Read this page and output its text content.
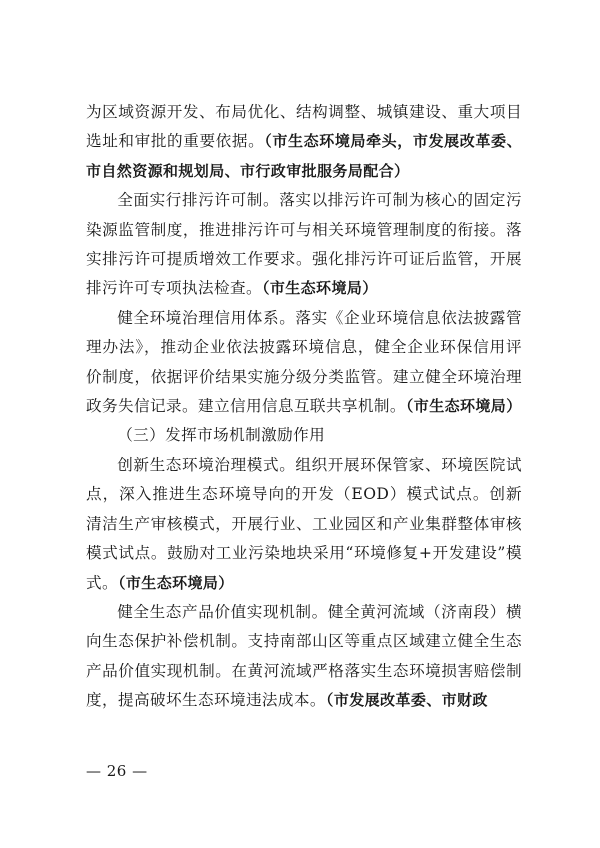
为区域资源开发、布局优化、结构调整、城镇建设、重大项目选址和审批的重要依据。（市生态环境局牵头，市发展改革委、市自然资源和规划局、市行政审批服务局配合）

全面实行排污许可制。落实以排污许可制为核心的固定污染源监管制度，推进排污许可与相关环境管理制度的衔接。落实排污许可提质增效工作要求。强化排污许可证后监管，开展排污许可专项执法检查。（市生态环境局）

健全环境治理信用体系。落实《企业环境信息依法披露管理办法》，推动企业依法披露环境信息，健全企业环保信用评价制度，依据评价结果实施分级分类监管。建立健全环境治理政务失信记录。建立信用信息互联共享机制。（市生态环境局）

（三）发挥市场机制激励作用

创新生态环境治理模式。组织开展环保管家、环境医院试点，深入推进生态环境导向的开发（EOD）模式试点。创新清洁生产审核模式，开展行业、工业园区和产业集群整体审核模式试点。鼓励对工业污染地块采用“环境修复+开发建设”模式。（市生态环境局）

健全生态产品价值实现机制。健全黄河流域（济南段）横向生态保护补偿机制。支持南部山区等重点区域建立健全生态产品价值实现机制。在黄河流域严格落实生态环境损害赔偿制度，提高破坏生态环境违法成本。（市发展改革委、市财政

— 26 —
